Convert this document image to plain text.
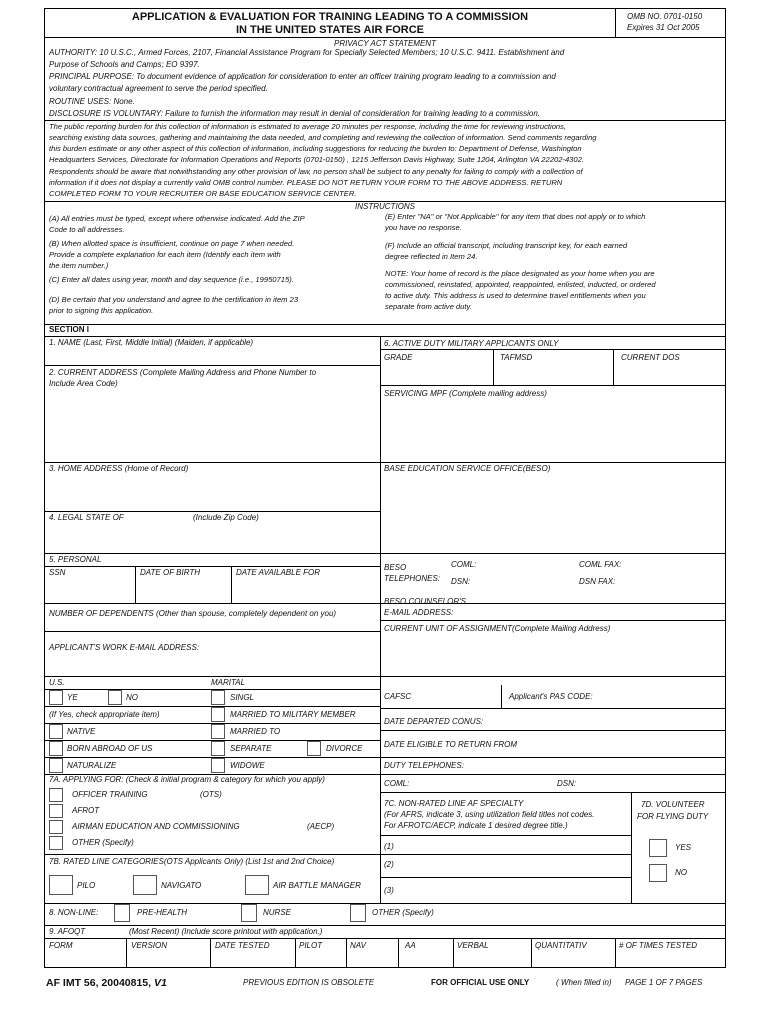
APPLICATION & EVALUATION FOR TRAINING LEADING TO A COMMISSION
IN THE UNITED STATES AIR FORCE
OMB NO. 0701-0150
Expires 31 Oct 2005
PRIVACY ACT STATEMENT
AUTHORITY: 10 U.S.C., Armed Forces, 2107, Financial Assistance Program for Specially Selected Members; 10 U.S.C. 9411. Establishment and
Purpose of Schools and Camps; EO 9397.
PRINCIPAL PURPOSE: To document evidence of application for consideration to enter an officer training program leading to a commission and
voluntary contractual agreement to serve the period specified.
ROUTINE USES: None.
DISCLOSURE IS VOLUNTARY: Failure to furnish the information may result in denial of consideration for training leading to a commission.
The public reporting burden for this collection of information is estimated to average 20 minutes per response, including the time for reviewing instructions,
searching existing data sources, gathering and maintaining the data needed, and completing and reviewing the collection of information. Send comments regarding
this burden estimate or any other aspect of this collection of information, including suggestions for reducing the burden to: Department of Defense, Washington
Headquarters Services, Directorate for Information Operations and Reports (0701-0150) , 1215 Jefferson Davis Highway, Suite 1204, Arlington VA 22202-4302.
Respondents should be aware that notwithstanding any other provision of law, no person shall be subject to any penalty for failing to comply with a collection of
information if it does not display a currently valid OMB control number. PLEASE DO NOT RETURN YOUR FORM TO THE ABOVE ADDRESS. RETURN
COMPLETED FORM TO YOUR RECRUITER OR BASE EDUCATION SERVICE CENTER.
INSTRUCTIONS
(A) All entries must be typed, except where otherwise indicated. Add the ZIP
Code to all addresses.
(B) When allotted space is insufficient, continue on page 7 when needed.
Provide a complete explanation for each item (Identify each item with
the item number.)
(C) Enter all dates using year, month and day sequence (i.e., 19950715).
(D) Be certain that you understand and agree to the certification in item 23
prior to signing this application.
(E) Enter "NA" or "Not Applicable" for any item that does not apply or to which
you have no response.
(F) Include an official transcript, including transcript key, for each earned
degree reflected in Item 24.
NOTE: Your home of record is the place designated as your home when you are
commissioned, reinstated, appointed, reappointed, enlisted, inducted, or ordered
to active duty. This address is used to determine travel entitlements when you
separate from active duty.
SECTION I
1. NAME (Last, First, Middle Initial) (Maiden, if applicable)
2. CURRENT ADDRESS (Complete Mailing Address and Phone Number to
Include Area Code)
3. HOME ADDRESS (Home of Record)
4. LEGAL STATE OF	(Include Zip Code)
5. PERSONAL
SSN	DATE OF BIRTH	DATE AVAILABLE FOR
NUMBER OF DEPENDENTS (Other than spouse, completely dependent on you)
APPLICANT'S WORK E-MAIL ADDRESS:
U.S.	MARITAL
YE	NO	SINGL
(If Yes, check appropriate item)	MARRIED TO MILITARY MEMBER
NATIVE	MARRIED TO
BORN ABROAD OF US	SEPARATE	DIVORCE
NATURALIZE	WIDOWE
7A. APPLYING FOR: (Check & initial program & category for which you apply)
OFFICER TRAINING	(OTS)
AFROT
AIRMAN EDUCATION AND COMMISSIONING	(AECP)
OTHER (Specify)
7B. RATED LINE CATEGORIES(OTS Applicants Only) (List 1st and 2nd Choice)
PILO	NAVIGATO	AIR BATTLE MANAGER
6. ACTIVE DUTY MILITARY APPLICANTS ONLY
GRADE	TAFMSD	CURRENT DOS
SERVICING MPF (Complete mailing address)
BASE EDUCATION SERVICE OFFICE(BESO)
BESO
TELEPHONES:
COML:	COML FAX:
DSN:	DSN FAX:
BESO COUNSELOR'S
E-MAIL ADDRESS:
CURRENT UNIT OF ASSIGNMENT(Complete Mailing Address)
CAFSC	Applicant's PAS CODE:
DATE DEPARTED CONUS:
DATE ELIGIBLE TO RETURN FROM
DUTY TELEPHONES:
COML:	DSN:
7C. NON-RATED LINE AF SPECIALTY
(For AFRS, indicate 3, using utilization field titles not codes.
For AFROTC/AECP, indicate 1 desired degree title.)
7D. VOLUNTEER
FOR FLYING DUTY
(1)
(2)
(3)
YES
NO
8. NON-LINE:	PRE-HEALTH	NURSE	OTHER (Specify)
9. AFOQT	(Most Recent) (Include score printout with application.)
FORM	VERSION	DATE TESTED	PILOT	NAV	AA	VERBAL	QUANTITATIV	# OF TIMES TESTED
AF IMT 56, 20040815, V1	PREVIOUS EDITION IS OBSOLETE	FOR OFFICIAL USE ONLY	( When filled in) PAGE 1 OF 7 PAGES
